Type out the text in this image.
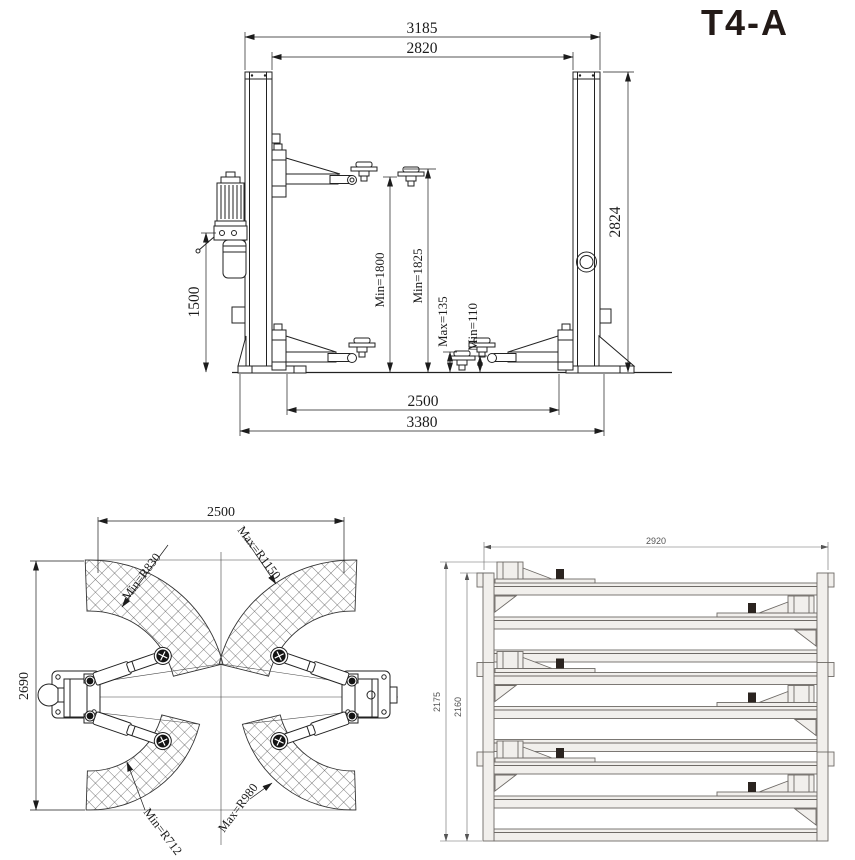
T4-A
3185
2820
2824
1500	Min=1800 Min=1825
Max=135 Min=110
2500
3380
2500
2690
Min=R830	Max=R1150
Min=R712 Max=R980
2920
2175 2160
